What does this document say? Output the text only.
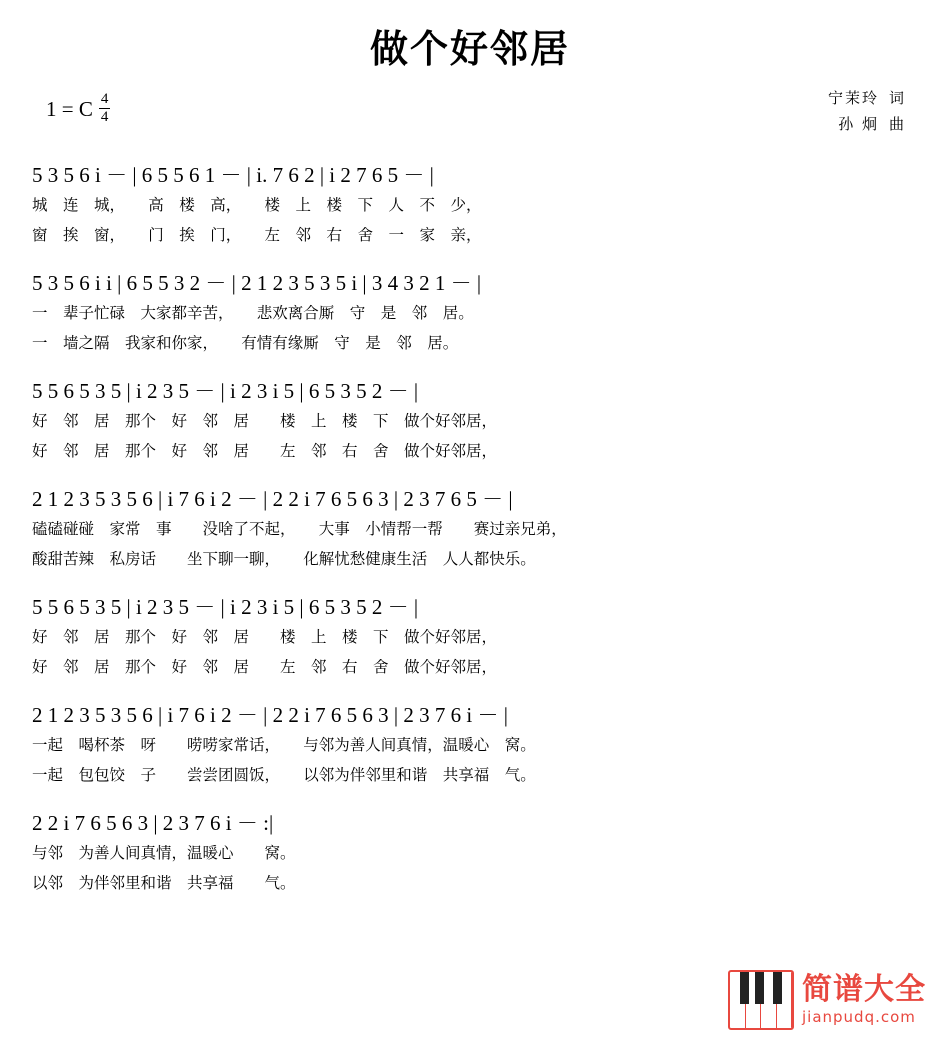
做个好邻居
1 = C $\frac{4}{4}$	宁茉玲 词
孙 炯 曲
5 3 5 6 i － | 6 5 5 6 1 － | i. 7 6 2 | i 2 7 6 5 － |
城　连　城，　　高　楼　高，　　楼　上　楼　下　人　不　少，
窗　挨　窗，　　门　挨　门，　　左　邻　右　舍　一　家　亲，
5 3 5 6 i i | 6 5 5 3 2 － | 2 1 2 3 5 3 5 i | 3 4 3 2 1 － |
一　辈子忙碌　大家都辛苦，　　悲欢离合厮　守　是　邻　居。
一　墙之隔　我家和你家，　　有情有缘厮　守　是　邻　居。
5 5 6 5 3 5 | i 2 3 5 － | i 2 3 i 5 | 6 5 3 5 2 － |
好　邻　居　那个　好　邻　居　　楼　上　楼　下　做个好邻居，
好　邻　居　那个　好　邻　居　　左　邻　右　舍　做个好邻居，
2 1 2 3 5 3 5 6 | i 7 6 i 2 － | 2 2 i 7 6 5 6 3 | 2 3 7 6 5 － |
磕磕碰碰　家常　事　　没啥了不起，　　大事　小情帮一帮　　赛过亲兄弟，
酸甜苦辣　私房话　　坐下聊一聊，　　化解忧愁健康生活　人人都快乐。
5 5 6 5 3 5 | i 2 3 5 － | i 2 3 i 5 | 6 5 3 5 2 － |
好　邻　居　那个　好　邻　居　　楼　上　楼　下　做个好邻居，
好　邻　居　那个　好　邻　居　　左　邻　右　舍　做个好邻居，
2 1 2 3 5 3 5 6 | i 7 6 i 2 － | 2 2 i 7 6 5 6 3 | 2 3 7 6 i － |
一起　喝杯茶　呀　　唠唠家常话，　　与邻为善人间真情，温暖心　窝。
一起　包包饺　子　　尝尝团圆饭，　　以邻为伴邻里和谐　共享福　气。
2 2 i 7 6 5 6 3 | 2 3 7 6 i － :|
与邻　为善人间真情，温暖心　　窝。
以邻　为伴邻里和谐　共享福　　气。
简谱大全
jianpudq.com
